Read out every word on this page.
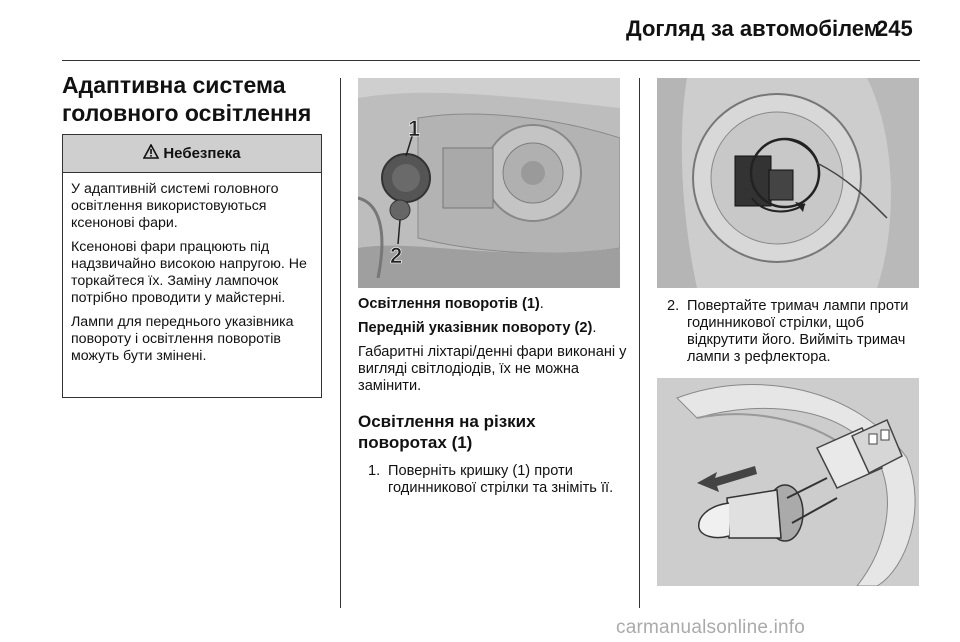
Догляд за автомобілем
245
Адаптивна система головного освітлення
Небезпека

У адаптивній системі головного освітлення використовуються ксенонові фари.

Ксенонові фари працюють під надзвичайно високою напругою. Не торкайтеся їх. Заміну лампочок потрібно проводити у майстерні.

Лампи для переднього указівника повороту і освітлення поворотів можуть бути змінені.

1
2

Освітлення поворотів (1).

Передній указівник повороту (2).

Габаритні ліхтарі/денні фари виконані у вигляді світлодіодів, їх не можна замінити.

Освітлення на різких поворотах (1)

1. Поверніть кришку (1) проти годинникової стрілки та зніміть її.
2. Повертайте тримач лампи проти годинникової стрілки, щоб відкрутити його. Вийміть тримач лампи з рефлектора.
carmanualsonline.info
